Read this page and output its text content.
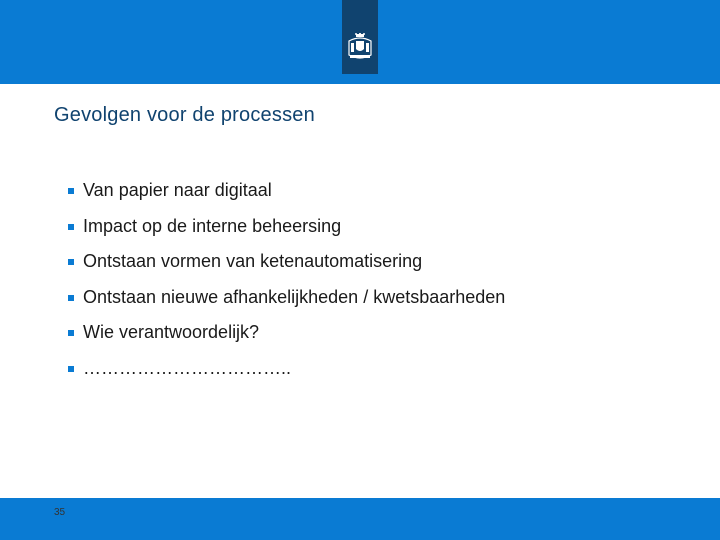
Gevolgen voor de processen
Van papier naar digitaal
Impact op de interne beheersing
Ontstaan vormen van ketenautomatisering
Ontstaan nieuwe afhankelijkheden / kwetsbaarheden
Wie verantwoordelijk?
……………………………..
35
